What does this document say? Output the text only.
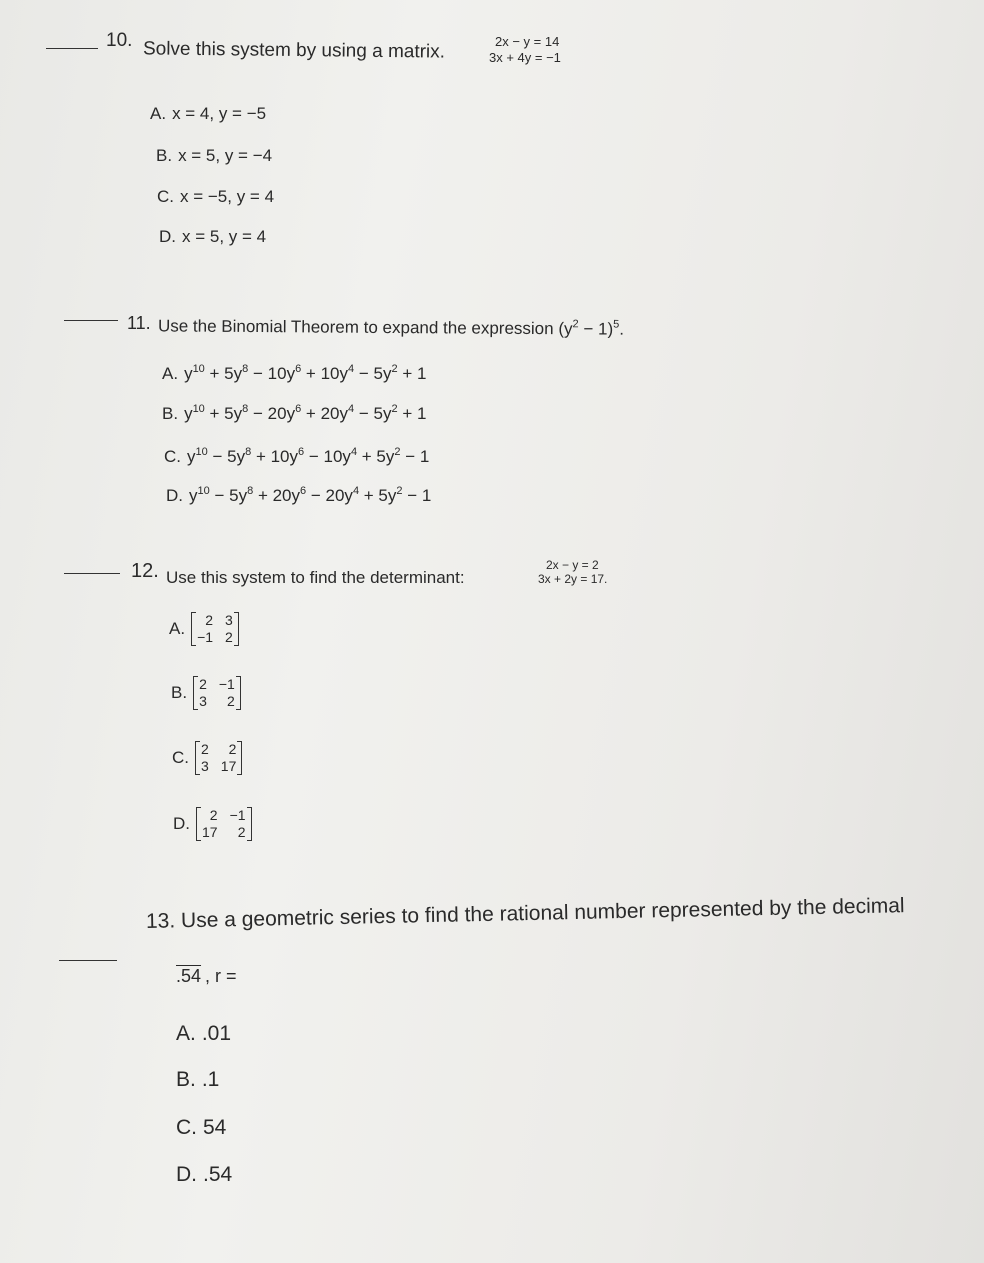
10. Solve this system by using a matrix.	2x − y = 14
3x + 4y = −1
A. x = 4, y = −5
B. x = 5, y = −4
C. x = −5, y = 4
D. x = 5, y = 4
11. Use the Binomial Theorem to expand the expression $(y^2 - 1)^5$.
A. $y^{10} + 5y^8 - 10y^6 + 10y^4 - 5y^2 + 1$
B. $y^{10} + 5y^8 - 20y^6 + 20y^4 - 5y^2 + 1$
C. $y^{10} - 5y^8 + 10y^6 - 10y^4 + 5y^2 - 1$
D. $y^{10} - 5y^8 + 20y^6 - 20y^4 + 5y^2 - 1$
12. Use this system to find the determinant:
2x − y = 2
3x + 2y = 17.
A.	2 3
−1 2
B. 2 −1
3	2
C. 2	2
3 17
D.	2 −1
17	2
13. Use a geometric series to find the rational number represented by the decimal
.54 , r =
A. .01
B. .1
C. 54
D. .54
